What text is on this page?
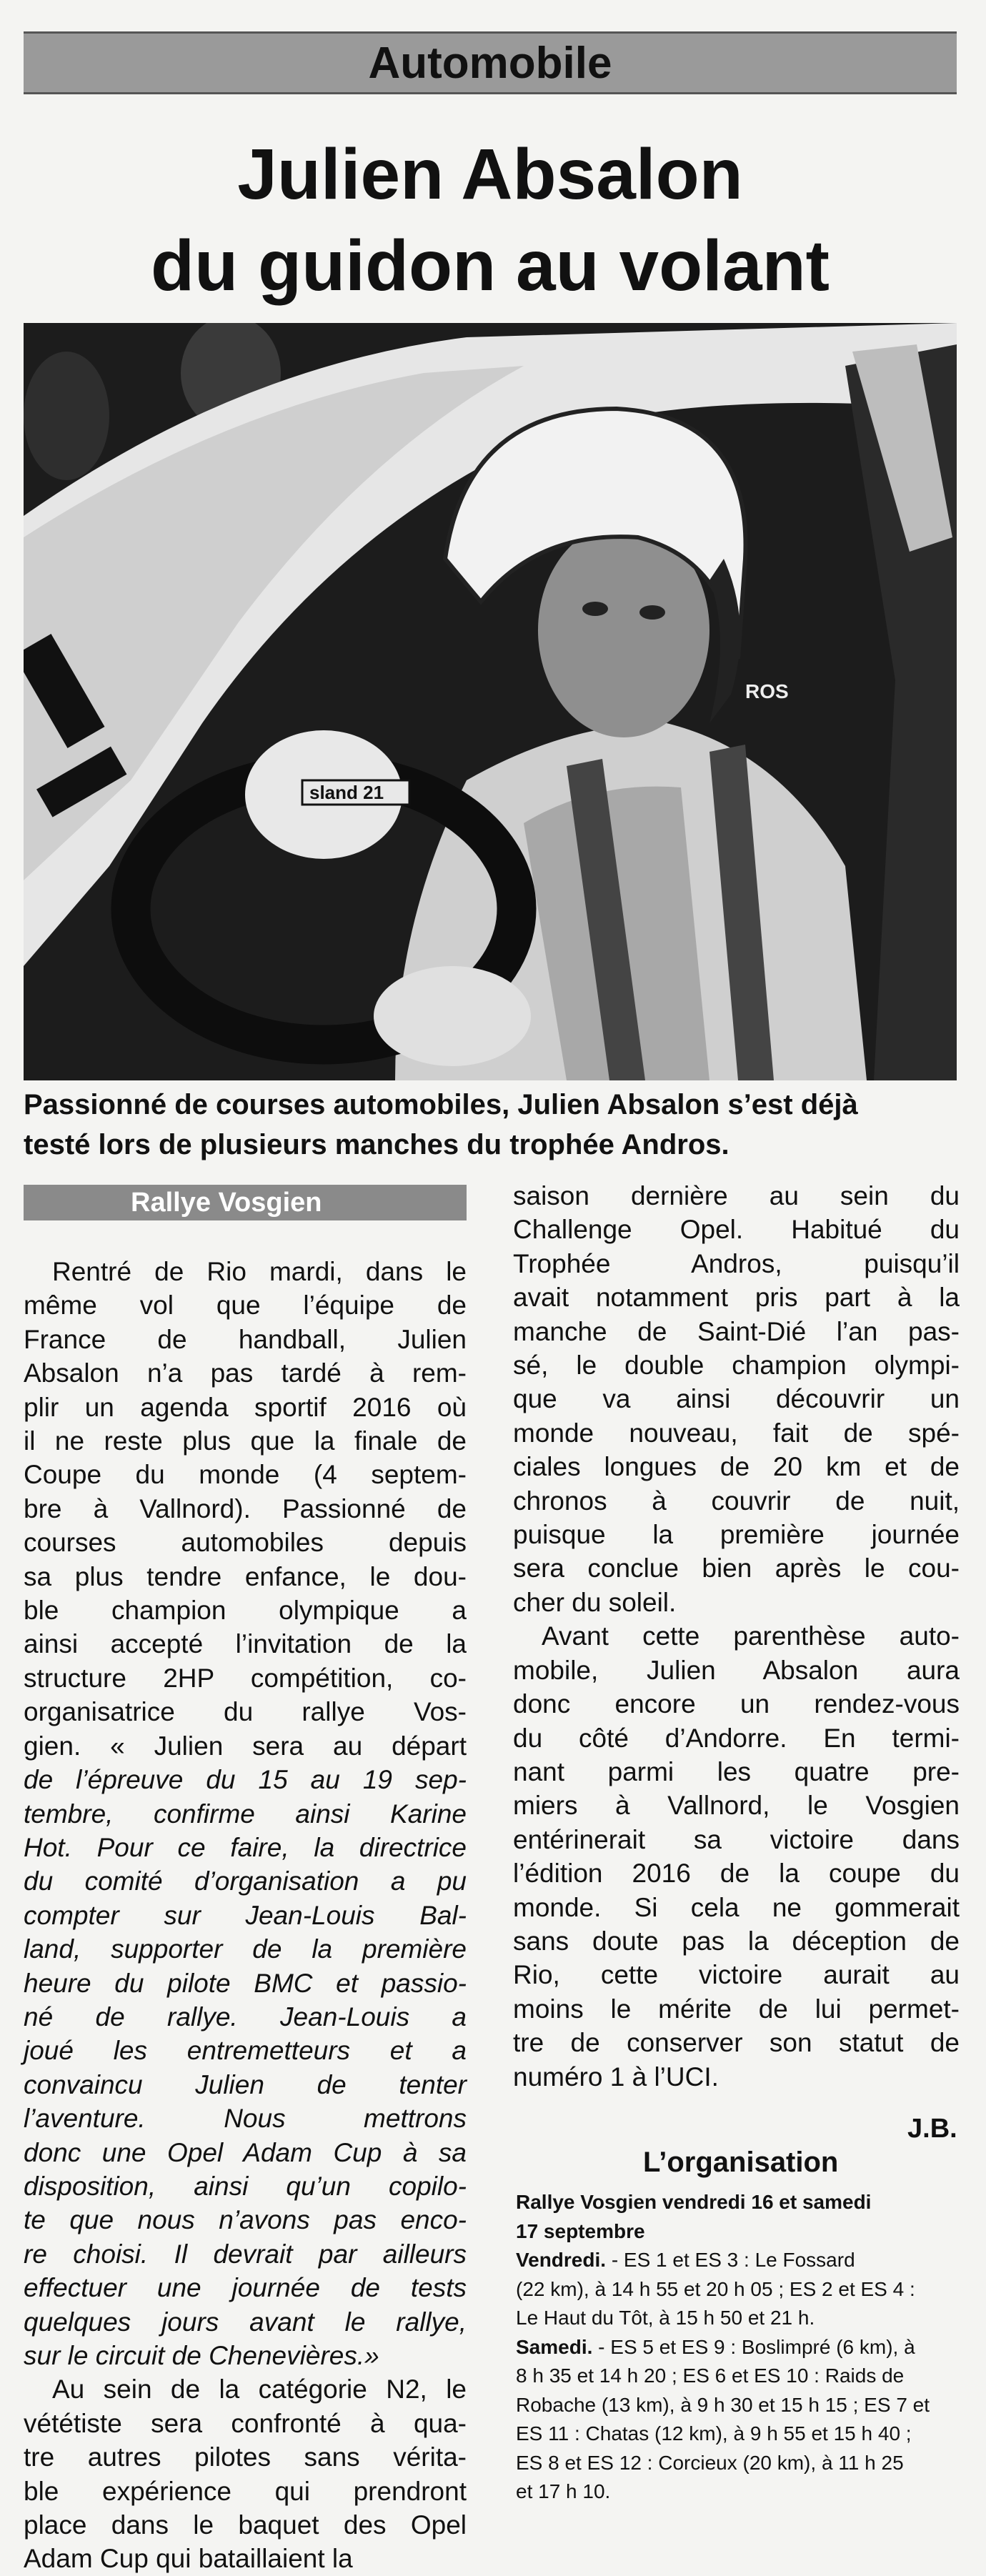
Automobile
Julien Absalon
du guidon au volant
sland 21
ROS
Passionné de courses automobiles, Julien Absalon s’est déjà
testé lors de plusieurs manches du trophée Andros.
Rallye Vosgien
Rentré de Rio mardi, dans le
même vol que l’équipe de
France de handball, Julien
Absalon n’a pas tardé à rem-
plir un agenda sportif 2016 où
il ne reste plus que la finale de
Coupe du monde (4 septem-
bre à Vallnord). Passionné de
courses automobiles depuis
sa plus tendre enfance, le dou-
ble champion olympique a
ainsi accepté l’invitation de la
structure 2HP compétition, co-
organisatrice du rallye Vos-
gien. « Julien sera au départ
de l’épreuve du 15 au 19 sep-
tembre, confirme ainsi Karine
Hot. Pour ce faire, la directrice
du comité d’organisation a pu
compter sur Jean-Louis Bal-
land, supporter de la première
heure du pilote BMC et passio-
né de rallye. Jean-Louis a
joué les entremetteurs et a
convaincu Julien de tenter
l’aventure. Nous mettrons
donc une Opel Adam Cup à sa
disposition, ainsi qu’un copilo-
te que nous n’avons pas enco-
re choisi. Il devrait par ailleurs
effectuer une journée de tests
quelques jours avant le rallye,
sur le circuit de Chenevières.»
Au sein de la catégorie N2, le
vététiste sera confronté à qua-
tre autres pilotes sans vérita-
ble expérience qui prendront
place dans le baquet des Opel
Adam Cup qui bataillaient la
saison dernière au sein du
Challenge Opel. Habitué du
Trophée Andros, puisqu’il
avait notamment pris part à la
manche de Saint-Dié l’an pas-
sé, le double champion olympi-
que va ainsi découvrir un
monde nouveau, fait de spé-
ciales longues de 20 km et de
chronos à couvrir de nuit,
puisque la première journée
sera conclue bien après le cou-
cher du soleil.
Avant cette parenthèse auto-
mobile, Julien Absalon aura
donc encore un rendez-vous
du côté d’Andorre. En termi-
nant parmi les quatre pre-
miers à Vallnord, le Vosgien
entérinerait sa victoire dans
l’édition 2016 de la coupe du
monde. Si cela ne gommerait
sans doute pas la déception de
Rio, cette victoire aurait au
moins le mérite de lui permet-
tre de conserver son statut de
numéro 1 à l’UCI.
J.B.
L’organisation
Rallye Vosgien vendredi 16 et samedi
17 septembre
Vendredi. - ES 1 et ES 3 : Le Fossard
(22 km), à 14 h 55 et 20 h 05 ; ES 2 et ES 4 :
Le Haut du Tôt, à 15 h 50 et 21 h.
Samedi. - ES 5 et ES 9 : Boslimpré (6 km), à
8 h 35 et 14 h 20 ; ES 6 et ES 10 : Raids de
Robache (13 km), à 9 h 30 et 15 h 15 ; ES 7 et
ES 11 : Chatas (12 km), à 9 h 55 et 15 h 40 ;
ES 8 et ES 12 : Corcieux (20 km), à 11 h 25
et 17 h 10.
